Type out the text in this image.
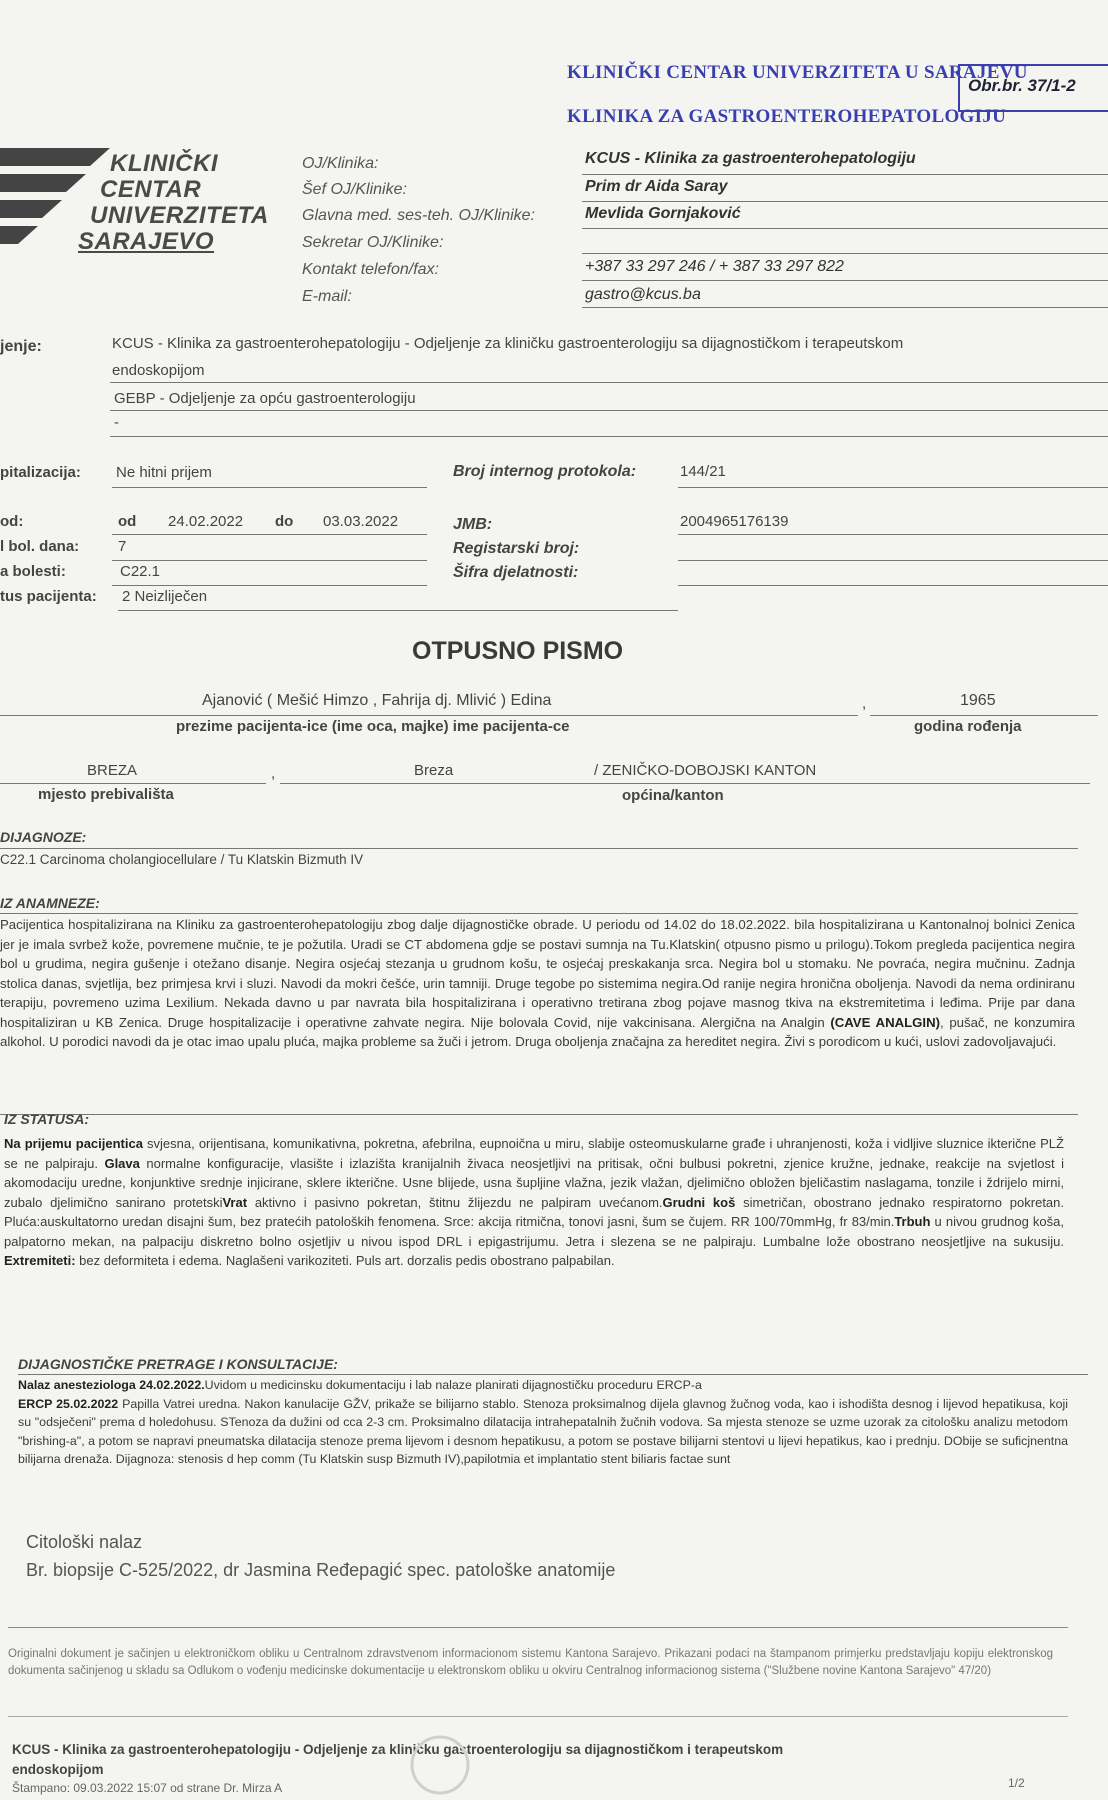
KLINIČKI CENTAR UNIVERZITETA U SARAJEVU
KLINIKA ZA GASTROENTEROHEPATOLOGIJU
Obr.br. 37/1-2
KLINIČKI
CENTAR
UNIVERZITETA
SARAJEVO
OJ/Klinika:	KCUS - Klinika za gastroenterohepatologiju
Šef OJ/Klinike:	Prim dr Aida Saray
Glavna med. ses-teh. OJ/Klinike:	Mevlida Gornjaković
Sekretar OJ/Klinike:
Kontakt telefon/fax:	+387 33 297 246 / + 387 33 297 822
E-mail:	gastro@kcus.ba
jenje:	KCUS - Klinika za gastroenterohepatologiju - Odjeljenje za kliničku gastroenterologiju sa dijagnostičkom i terapeutskom
endoskopijom
GEBP - Odjeljenje za opću gastroenterologiju
-
pitalizacija: Ne hitni prijem	Broj internog protokola:	144/21
od:	od 24.02.2022 do 03.03.2022	JMB:	2004965176139
l bol. dana:	7	Registarski broj:
a bolesti:	C22.1	Šifra djelatnosti:
tus pacijenta: 2 Neizliječen
OTPUSNO PISMO
Ajanović ( Mešić Himzo , Fahrija dj. Mlivić ) Edina	,	1965
prezime pacijenta-ice (ime oca, majke) ime pacijenta-ce	godina rođenja
BREZA	,	Breza	/ ZENIČKO-DOBOJSKI KANTON
mjesto prebivališta	općina/kanton
DIJAGNOZE:
C22.1 Carcinoma cholangiocellulare / Tu Klatskin Bizmuth IV
IZ ANAMNEZE:
Pacijentica hospitalizirana na Kliniku za gastroenterohepatologiju zbog dalje dijagnostičke obrade. U periodu od 14.02 do 18.02.2022. bila hospitalizirana u Kantonalnoj bolnici Zenica jer je imala svrbež kože, povremene mučnie, te je požutila. Uradi se CT abdomena gdje se postavi sumnja na Tu.Klatskin( otpusno pismo u prilogu).Tokom pregleda pacijentica negira bol u grudima, negira gušenje i otežano disanje. Negira osjećaj stezanja u grudnom košu, te osjećaj preskakanja srca. Negira bol u stomaku. Ne povraća, negira mučninu. Zadnja stolica danas, svjetlija, bez primjesa krvi i sluzi. Navodi da mokri češće, urin tamniji. Druge tegobe po sistemima negira.Od ranije negira hronična oboljenja. Navodi da nema ordiniranu terapiju, povremeno uzima Lexilium. Nekada davno u par navrata bila hospitalizirana i operativno tretirana zbog pojave masnog tkiva na ekstremitetima i leđima. Prije par dana hospitaliziran u KB Zenica. Druge hospitalizacije i operativne zahvate negira. Nije bolovala Covid, nije vakcinisana. Alergična na Analgin (CAVE ANALGIN), pušač, ne konzumira alkohol. U porodici navodi da je otac imao upalu pluća, majka probleme sa žuči i jetrom. Druga oboljenja značajna za hereditet negira. Živi s porodicom u kući, uslovi zadovoljavajući.
IZ STATUSA:
Na prijemu pacijentica svjesna, orijentisana, komunikativna, pokretna, afebrilna, eupnoična u miru, slabije osteomuskularne građe i uhranjenosti, koža i vidljive sluznice ikterične PLŽ se ne palpiraju. Glava normalne konfiguracije, vlasište i izlazišta kranijalnih živaca neosjetljivi na pritisak, očni bulbusi pokretni, zjenice kružne, jednake, reakcije na svjetlost i akomodaciju uredne, konjunktive srednje injicirane, sklere ikterične. Usne blijede, usna šupljine vlažna, jezik vlažan, djelimično obložen bjeličastim naslagama, tonzile i ždrijelo mirni, zubalo djelimično sanirano protetskiVrat aktivno i pasivno pokretan, štitnu žlijezdu ne palpiram uvećanom.Grudni koš simetričan, obostrano jednako respiratorno pokretan. Pluća:auskultatorno uredan disajni šum, bez pratećih patoloških fenomena. Srce: akcija ritmična, tonovi jasni, šum se čujem. RR 100/70mmHg, fr 83/min.Trbuh u nivou grudnog koša, palpatorno mekan, na palpaciju diskretno bolno osjetljiv u nivou ispod DRL i epigastrijumu. Jetra i slezena se ne palpiraju. Lumbalne lože obostrano neosjetljive na sukusiju. Extremiteti: bez deformiteta i edema. Naglašeni varikoziteti. Puls art. dorzalis pedis obostrano palpabilan.
DIJAGNOSTIČKE PRETRAGE I KONSULTACIJE:
Nalaz anesteziologa 24.02.2022.Uvidom u medicinsku dokumentaciju i lab nalaze planirati dijagnostičku proceduru ERCP-a
ERCP 25.02.2022 Papilla Vatrei uredna. Nakon kanulacije GŽV, prikaže se bilijarno stablo. Stenoza proksimalnog dijela glavnog žučnog voda, kao i ishodišta desnog i lijevod hepatikusa, koji su "odsječeni" prema d holedohusu. STenoza da dužini od cca 2-3 cm. Proksimalno dilatacija intrahepatalnih žučnih vodova. Sa mjesta stenoze se uzme uzorak za citološku analizu metodom "brishing-a", a potom se napravi pneumatska dilatacija stenoze prema lijevom i desnom hepatikusu, a potom se postave bilijarni stentovi u lijevi hepatikus, kao i prednju. DObije se suficjnentna bilijarna drenaža. Dijagnoza: stenosis d hep comm (Tu Klatskin susp Bizmuth IV),papilotmia et implantatio stent biliaris factae sunt
Citološki nalaz
Br. biopsije C-525/2022, dr Jasmina Ređepagić spec. patološke anatomije
Originalni dokument je sačinjen u elektroničkom obliku u Centralnom zdravstvenom informacionom sistemu Kantona Sarajevo. Prikazani podaci na štampanom primjerku predstavljaju kopiju elektronskog dokumenta sačinjenog u skladu sa Odlukom o vođenju medicinske dokumentacije u elektronskom obliku u okviru Centralnog informacionog sistema ("Službene novine Kantona Sarajevo" 47/20)
KCUS - Klinika za gastroenterohepatologiju - Odjeljenje za kliničku gastroenterologiju sa dijagnostičkom i terapeutskom
endoskopijom
Štampano: 09.03.2022 15:07 od strane Dr. Mirza A	1/2
